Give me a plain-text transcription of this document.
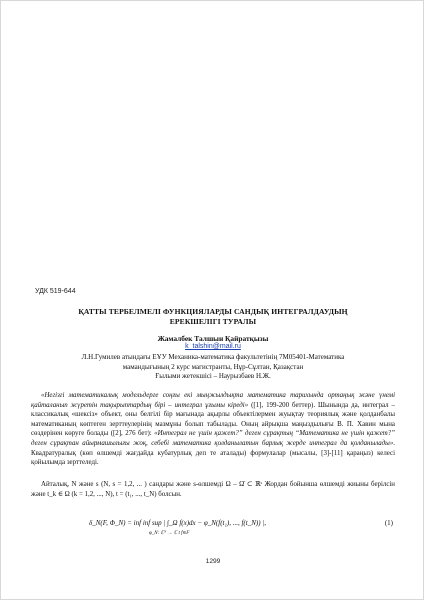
УДК 519-644
ҚАТТЫ ТЕРБЕЛМЕЛІ ФУНКЦИЯЛАРДЫ САНДЫҚ ИНТЕГРАЛДАУДЫҢ
ЕРЕКШЕЛІГІ ТУРАЛЫ
Жамалбек Талшын Қайратқызы
k_talshin@mail.ru
Л.Н.Гумилев атындағы ЕҰУ Механика-математика факультетінің 7M05401-Математика
мамандығының 2 курс магистранты, Нұр-Сұлтан, Қазақстан
Ғылыми жетекшісі – Наурызбаев Н.Ж.

«Негізгі математикалық модельдерге соңғы екі мыңжылдықта математика тарихында ортаңық және үнемі қайталанып жүретін тақырыптардың бірі – интеграл ұғымы кіреді» ([1], 199-200 беттер). Шынында да, интеграл – классикалық «шексіз» объект, оны белгілі бір мағынада ақырлы объектілермен жуықтау теориялық және қолданбалы математиканың көптеген зерттеулерінің мазмұны болып табылады. Оның айрықша маңыздылығы В. П. Хавин мына сөздерінен көруге болады ([2], 276 бет): «Интеграл не үшін қажет?” деген сұрақтың “Математика не үшін қажет?” деген сұрақтан айырмашылығы жоқ, себебі математика қолданылатын барлық жерде интеграл да қолданылады». Квадратуралық (көп өлшемді жағдайда кубатурлық деп те аталады) формулалар (мысалы, [3]-[11] қараңыз) келесі қойылымда зерттеледі.

Айталық, N және s (N, s = 1,2, ... ) сандары және s-өлшемді Ω – Ω̄ ⊂ ℝˢ Жордан бойынша өлшемді жиыны берілсін және t_k ∈ Ω (k = 1,2, ..., N), t = (t₁, ..., t_N) болсын.

δ_N(F, Φ_N) = inf inf sup | ∫_Ω f(x)dx − φ_N(f(t₁), ..., f(t_N)) |,
φ_N: ℂᴺ → ℂ t f∈F
(1)
1299
